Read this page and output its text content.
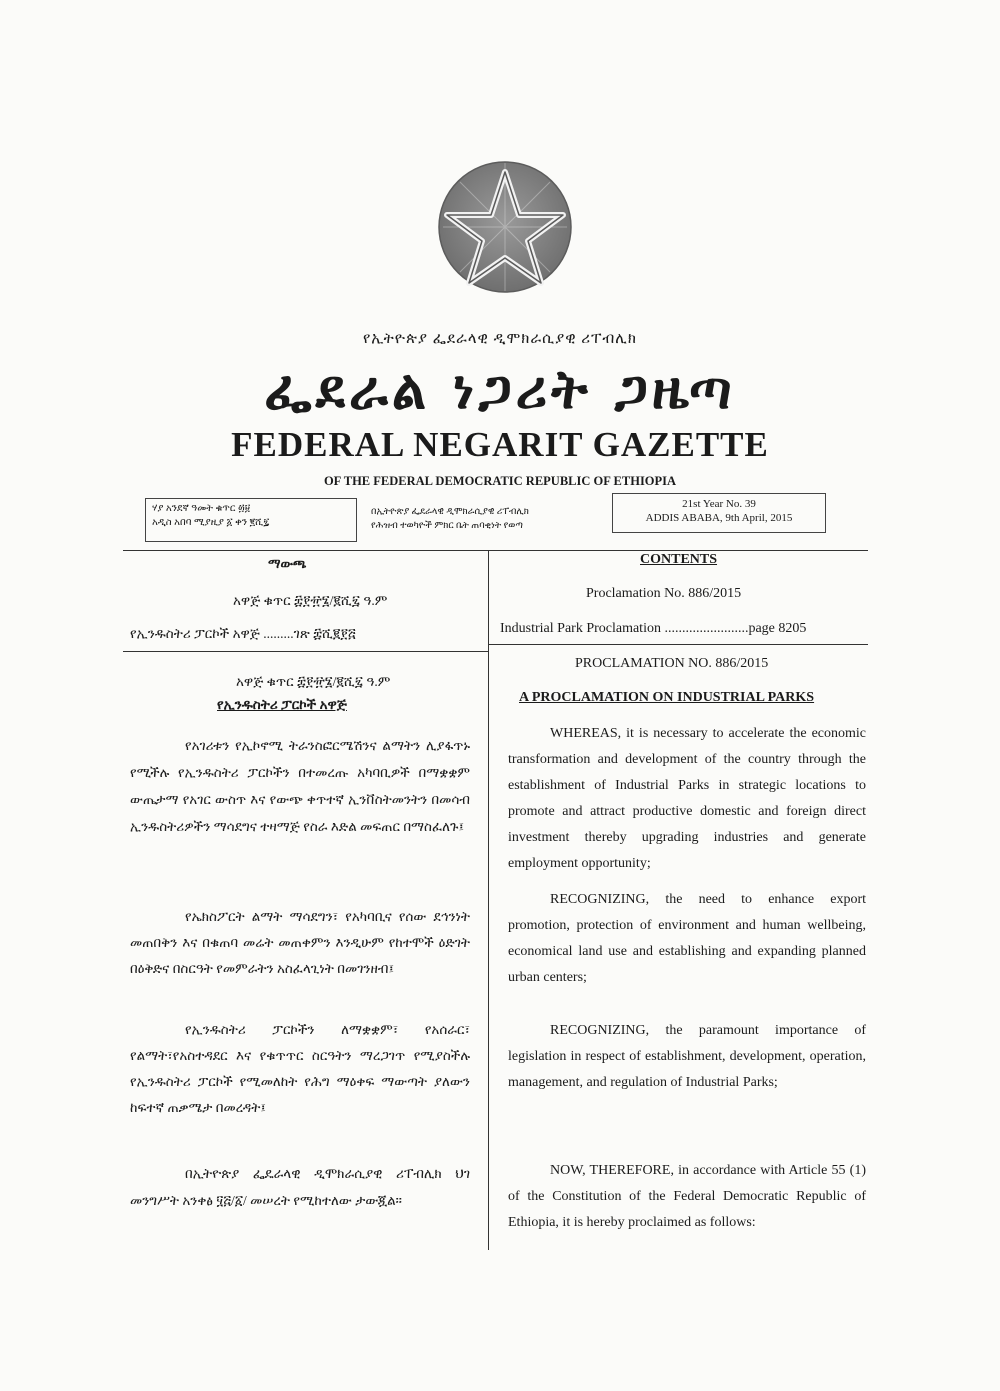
የኢትዮጵያ ፌደራላዊ ዲሞክራሲያዊ ሪፐብሊክ
ፌደራል ነጋሪት ጋዜጣ
FEDERAL NEGARIT GAZETTE
OF THE FEDERAL DEMOCRATIC REPUBLIC OF ETHIOPIA
ሃያ አንደኛ ዓመት ቁጥር ፴፱
አዲስ አበባ ሚያዚያ ፩ ቀን ፪ሺ፯
በኢትዮጵያ ፌደራላዊ ዲሞክራሲያዊ ሪፐብሊክ
የሕዝብ ተወካዮች ምክር ቤት ጠባቂነት የወጣ
21st Year No. 39
ADDIS ABABA, 9th April, 2015
ማውጫ
አዋጅ ቁጥር ፰፻፹፮/፪ሺ፯ ዓ.ም
የኢንዱስትሪ ፓርኮች አዋጅ .........ገጽ ፰ሺ፪፻፭
CONTENTS
Proclamation No. 886/2015
Industrial Park Proclamation ........................page 8205
አዋጅ ቁጥር ፰፻፹፮/፪ሺ፯ ዓ.ም
የኢንዱስትሪ ፓርኮች አዋጅ
የአገሪቱን የኢኮኖሚ ትራንስፎርሜሽንና ልማትን ሊያፋጥኑ የሚችሉ የኢንዱስትሪ ፓርኮችን በተመረጡ አካባቢዎች በማቋቋም ውጤታማ የአገር ውስጥ እና የውጭ ቀጥተኛ ኢንቨስትመንትን በመሳብ ኢንዱስትሪዎችን ማሳደግና ተዛማጅ የስራ እድል መፍጠር በማስፈለጉ፤
የኤክስፖርት ልማት ማሳደግን፣ የአካባቢና የሰው ደኅንነት መጠበቅን እና በቁጠባ መሬት መጠቀምን እንዲሁም የከተሞች ዕድገት በዕቅድና በስርዓት የመምራትን አስፈላጊነት በመገንዘብ፤
የኢንዱስትሪ ፓርኮችን ለማቋቋም፣ የአሰራር፣ የልማት፣የአስተዳደር እና የቁጥጥር ስርዓትን ማረጋገጥ የሚያስችሉ የኢንዱስትሪ ፓርኮች የሚመለከት የሕግ ማዕቀፍ ማውጣት ያለውን ከፍተኛ ጠቃሜታ በመረዳት፤
በኢትዮጵያ ፌዴራላዊ ዲሞክራሲያዊ ሪፐብሊክ ህገ መንግሥት አንቀፅ ፶፭/፩/ መሠረት የሚከተለው ታውጇል።
PROCLAMATION NO. 886/2015
A PROCLAMATION ON INDUSTRIAL PARKS
WHEREAS, it is necessary to accelerate the economic transformation and development of the country through the establishment of Industrial Parks in strategic locations to promote and attract productive domestic and foreign direct investment thereby upgrading industries and generate employment opportunity;
RECOGNIZING, the need to enhance export promotion, protection of environment and human wellbeing, economical land use and establishing and expanding planned urban centers;
RECOGNIZING, the paramount importance of legislation in respect of establishment, development, operation, management, and regulation of Industrial Parks;
NOW, THEREFORE, in accordance with Article 55 (1) of the Constitution of the Federal Democratic Republic of Ethiopia, it is hereby proclaimed as follows:
